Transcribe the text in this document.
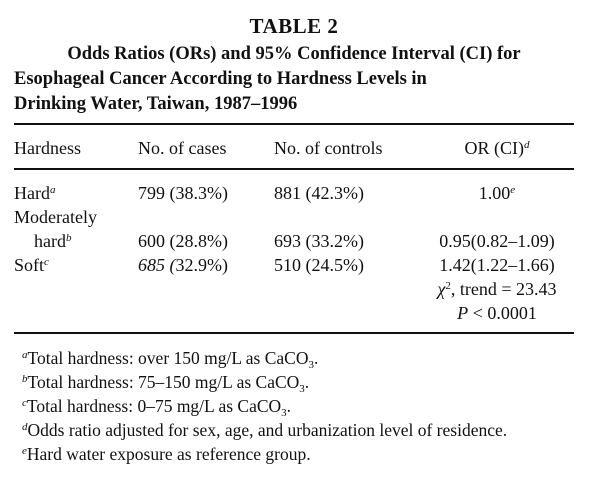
TABLE 2
Odds Ratios (ORs) and 95% Confidence Interval (CI) for
Esophageal Cancer According to Hardness Levels in
Drinking Water, Taiwan, 1987–1996
Hardness	No. of cases	No. of controls	OR (CI)$^d$
Hard$^a$	799 (38.3%)	881 (42.3%)	1.00e
Moderately
hard$^b$	600 (28.8%)	693 (33.2%)	0.95(0.82–1.09)
Soft$^c$	685 (32.9%)	510 (24.5%)	1.42(1.22–1.66)
$\chi^2$, trend = 23.43
P < 0.0001
$^a$Total hardness: over 150 mg/L as CaCO$_3$.
$^b$Total hardness: 75–150 mg/L as CaCO$_3$.
$^c$Total hardness: 0–75 mg/L as CaCO$_3$.
$^d$Odds ratio adjusted for sex, age, and urbanization level of residence.
$^e$Hard water exposure as reference group.
